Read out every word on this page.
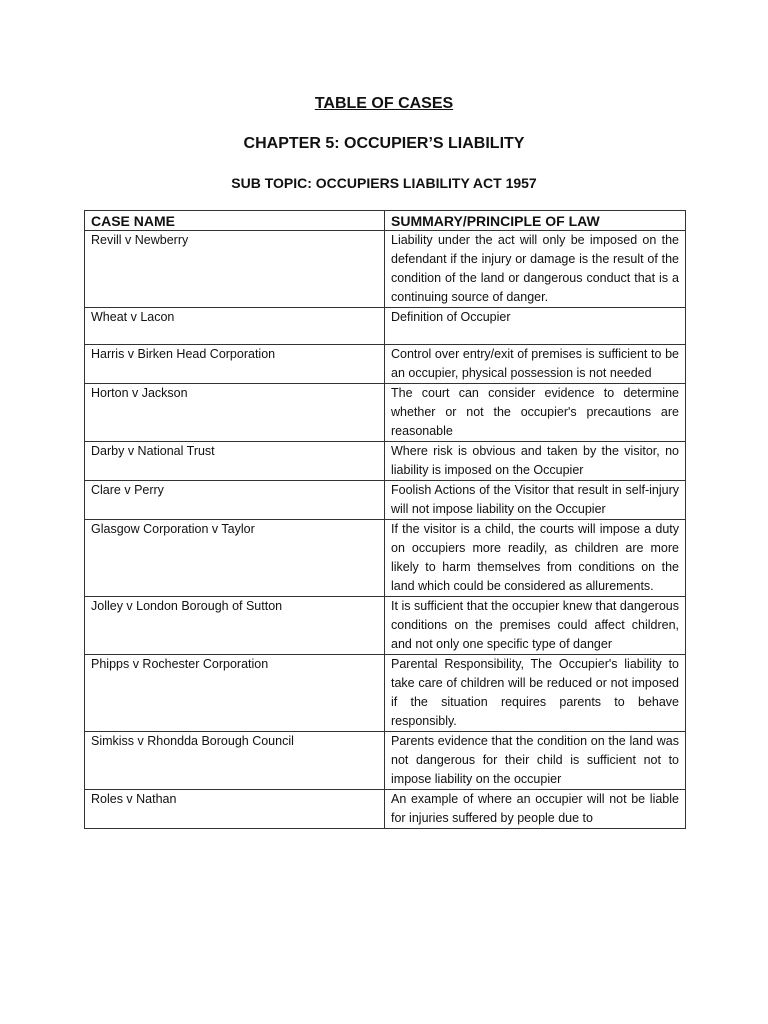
TABLE OF CASES
CHAPTER 5: OCCUPIER’S LIABILITY
SUB TOPIC: OCCUPIERS LIABILITY ACT 1957
CASE NAME	SUMMARY/PRINCIPLE OF LAW
Revill v Newberry	Liability under the act will only be imposed on the defendant if the injury or damage is the result of the condition of the land or dangerous conduct that is a continuing source of danger.
Wheat v Lacon	Definition of Occupier
Harris v Birken Head Corporation	Control over entry/exit of premises is sufficient to be an occupier, physical possession is not needed
Horton v Jackson	The court can consider evidence to determine whether or not the occupier's precautions are reasonable
Darby v National Trust	Where risk is obvious and taken by the visitor, no liability is imposed on the Occupier
Clare v Perry	Foolish Actions of the Visitor that result in self-injury will not impose liability on the Occupier
Glasgow Corporation v Taylor	If the visitor is a child, the courts will impose a duty on occupiers more readily, as children are more likely to harm themselves from conditions on the land which could be considered as allurements.
Jolley v London Borough of Sutton	It is sufficient that the occupier knew that dangerous conditions on the premises could affect children, and not only one specific type of danger
Phipps v Rochester Corporation	Parental Responsibility, The Occupier's liability to take care of children will be reduced or not imposed if the situation requires parents to behave responsibly.
Simkiss v Rhondda Borough Council	Parents evidence that the condition on the land was not dangerous for their child is sufficient not to impose liability on the occupier

Roles v Nathan	An example of where an occupier will not be liable for injuries suffered by people due to
